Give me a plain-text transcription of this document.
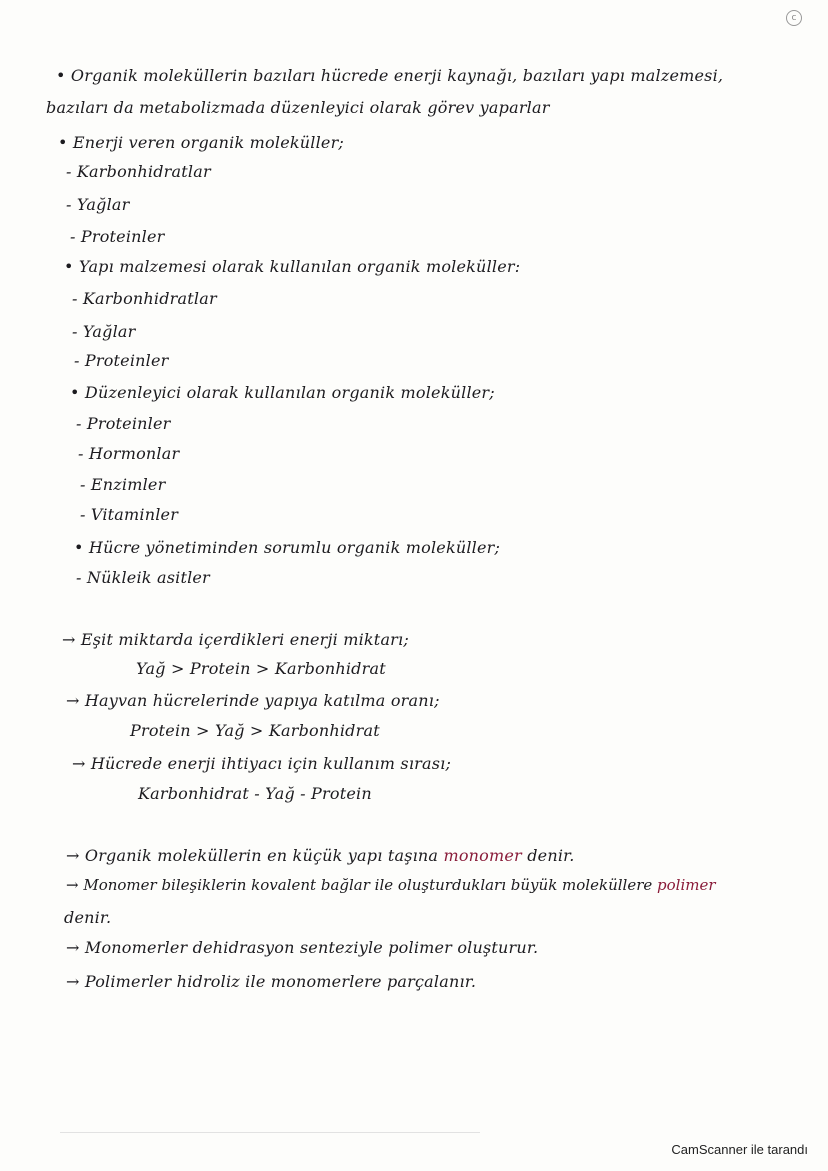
c
• Organik moleküllerin bazıları hücrede enerji kaynağı, bazıları yapı malzemesi,
bazıları da metabolizmada düzenleyici olarak görev yaparlar
• Enerji veren organik moleküller;
- Karbonhidratlar
- Yağlar
- Proteinler
• Yapı malzemesi olarak kullanılan organik moleküller:
- Karbonhidratlar
- Yağlar
- Proteinler
• Düzenleyici olarak kullanılan organik moleküller;
- Proteinler
- Hormonlar
- Enzimler
- Vitaminler
• Hücre yönetiminden sorumlu organik moleküller;
- Nükleik asitler
→ Eşit miktarda içerdikleri enerji miktarı;
Yağ > Protein > Karbonhidrat
→ Hayvan hücrelerinde yapıya katılma oranı;
Protein > Yağ > Karbonhidrat
→ Hücrede enerji ihtiyacı için kullanım sırası;
Karbonhidrat - Yağ - Protein
→ Organik moleküllerin en küçük yapı taşına monomer denir.
→ Monomer bileşiklerin kovalent bağlar ile oluşturdukları büyük moleküllere polimer
denir.
→ Monomerler dehidrasyon senteziyle polimer oluşturur.
→ Polimerler hidroliz ile monomerlere parçalanır.
CamScanner ile tarandı
